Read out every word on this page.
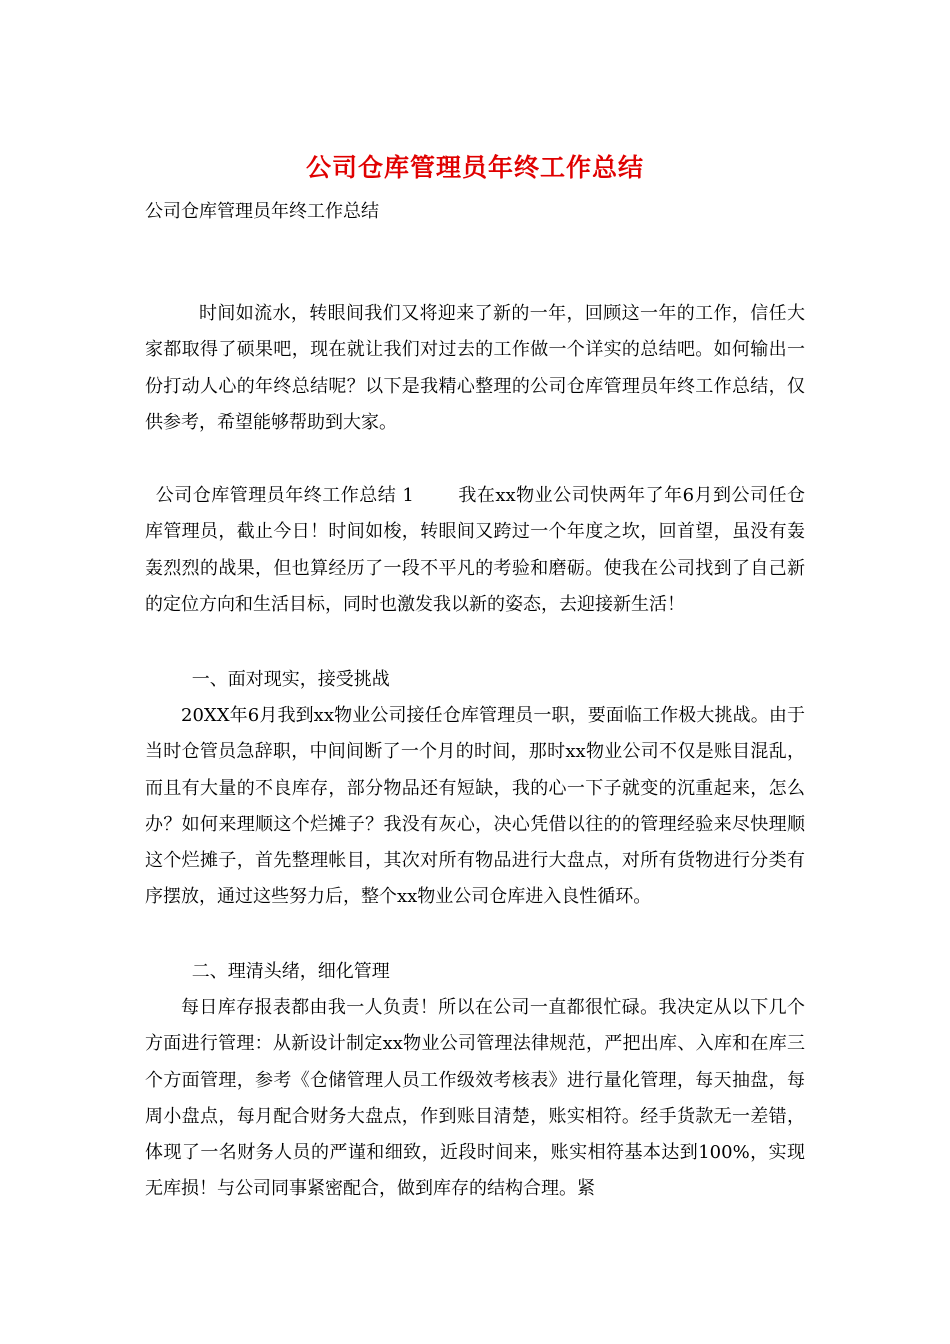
公司仓库管理员年终工作总结
公司仓库管理员年终工作总结
时间如流水，转眼间我们又将迎来了新的一年，回顾这一年的工作，信任大家都取得了硕果吧，现在就让我们对过去的工作做一个详实的总结吧。如何输出一份打动人心的年终总结呢？以下是我精心整理的公司仓库管理员年终工作总结，仅供参考，希望能够帮助到大家。
公司仓库管理员年终工作总结 1 我在xx物业公司快两年了年6月到公司任仓库管理员，截止今日！时间如梭，转眼间又跨过一个年度之坎，回首望，虽没有轰轰烈烈的战果，但也算经历了一段不平凡的考验和磨砺。使我在公司找到了自己新的定位方向和生活目标，同时也激发我以新的姿态，去迎接新生活！
一、面对现实，接受挑战
20XX年6月我到xx物业公司接任仓库管理员一职，要面临工作极大挑战。由于当时仓管员急辞职，中间间断了一个月的时间，那时xx物业公司不仅是账目混乱，而且有大量的不良库存，部分物品还有短缺，我的心一下子就变的沉重起来，怎么办？如何来理顺这个烂摊子？我没有灰心，决心凭借以往的的管理经验来尽快理顺这个烂摊子，首先整理帐目，其次对所有物品进行大盘点，对所有货物进行分类有序摆放，通过这些努力后，整个xx物业公司仓库进入良性循环。
二、理清头绪，细化管理
每日库存报表都由我一人负责！所以在公司一直都很忙碌。我决定从以下几个方面进行管理：从新设计制定xx物业公司管理法律规范，严把出库、入库和在库三个方面管理，参考《仓储管理人员工作级效考核表》进行量化管理，每天抽盘，每周小盘点，每月配合财务大盘点，作到账目清楚，账实相符。经手货款无一差错，体现了一名财务人员的严谨和细致，近段时间来，账实相符基本达到100%，实现无库损！与公司同事紧密配合，做到库存的结构合理。紧
